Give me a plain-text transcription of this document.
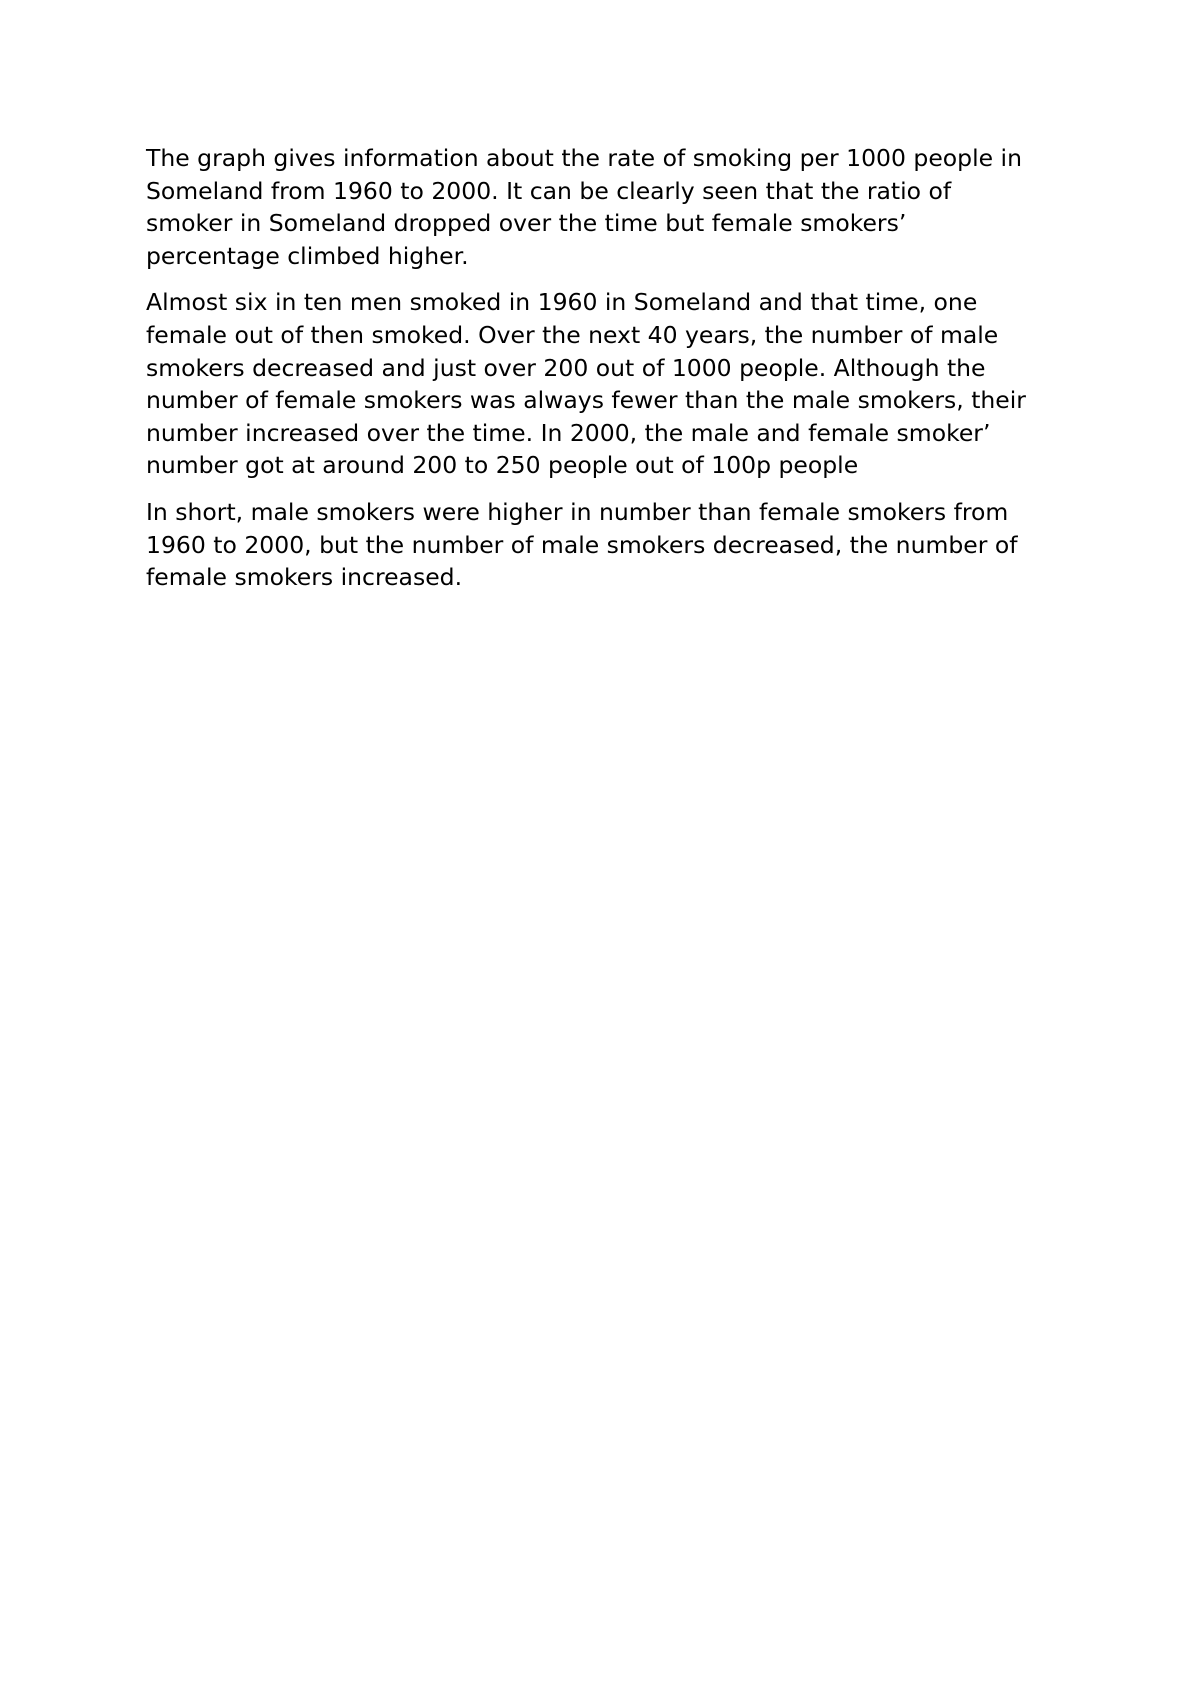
The graph gives information about the rate of smoking per 1000 people in
Someland from 1960 to 2000. It can be clearly seen that the ratio of
smoker in Someland dropped over the time but female smokers’
percentage climbed higher.

Almost six in ten men smoked in 1960 in Someland and that time, one
female out of then smoked. Over the next 40 years, the number of male
smokers decreased and just over 200 out of 1000 people. Although the
number of female smokers was always fewer than the male smokers, their
number increased over the time. In 2000, the male and female smoker’
number got at around 200 to 250 people out of 100p people

In short, male smokers were higher in number than female smokers from
1960 to 2000, but the number of male smokers decreased, the number of
female smokers increased.
